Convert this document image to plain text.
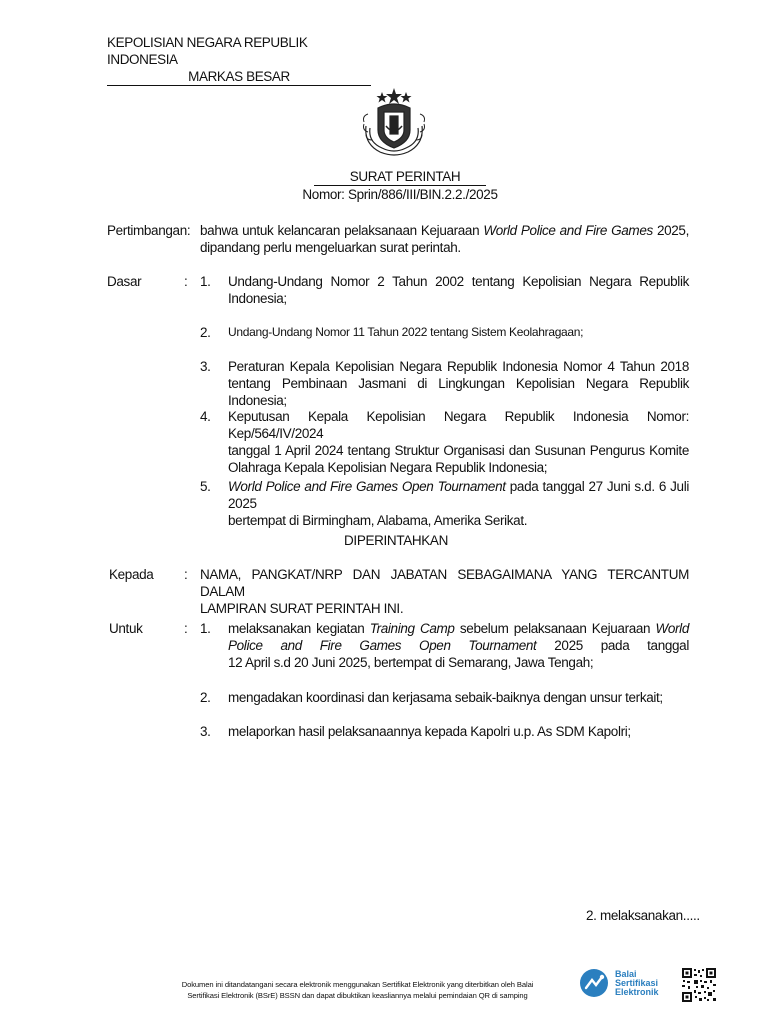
KEPOLISIAN NEGARA REPUBLIK INDONESIA
MARKAS BESAR
SURAT PERINTAH
Nomor: Sprin/886/III/BIN.2.2./2025
Pertimbangan: bahwa untuk kelancaran pelaksanaan Kejuaraan World Police and Fire Games 2025,
dipandang perlu mengeluarkan surat perintah.
Dasar	: 1. Undang-Undang Nomor 2 Tahun 2002 tentang Kepolisian Negara Republik
Indonesia;
2. Undang-Undang Nomor 11 Tahun 2022 tentang Sistem Keolahragaan;
3. Peraturan Kepala Kepolisian Negara Republik Indonesia Nomor 4 Tahun 2018
tentang Pembinaan Jasmani di Lingkungan Kepolisian Negara Republik Indonesia;
4. Keputusan Kepala Kepolisian Negara Republik Indonesia Nomor: Kep/564/IV/2024
tanggal 1 April 2024 tentang Struktur Organisasi dan Susunan Pengurus Komite
Olahraga Kepala Kepolisian Negara Republik Indonesia;
5. World Police and Fire Games Open Tournament pada tanggal 27 Juni s.d. 6 Juli 2025
bertempat di Birmingham, Alabama, Amerika Serikat.
DIPERINTAHKAN
Kepada : NAMA, PANGKAT/NRP DAN JABATAN SEBAGAIMANA YANG TERCANTUM DALAM
LAMPIRAN SURAT PERINTAH INI.
Untuk	: 1. melaksanakan kegiatan Training Camp sebelum pelaksanaan Kejuaraan World
Police and Fire Games Open Tournament 2025 pada tanggal
12 April s.d 20 Juni 2025, bertempat di Semarang, Jawa Tengah;
2. mengadakan koordinasi dan kerjasama sebaik-baiknya dengan unsur terkait;
3. melaporkan hasil pelaksanaannya kepada Kapolri u.p. As SDM Kapolri;
2. melaksanakan.....
Dokumen ini ditandatangani secara elektronik menggunakan Sertifikat Elektronik yang diterbitkan oleh Balai
Sertifikasi Elektronik (BSrE) BSSN dan dapat dibuktikan keasliannya melalui pemindaian QR di samping
Balai
Sertifikasi
Elektronik
